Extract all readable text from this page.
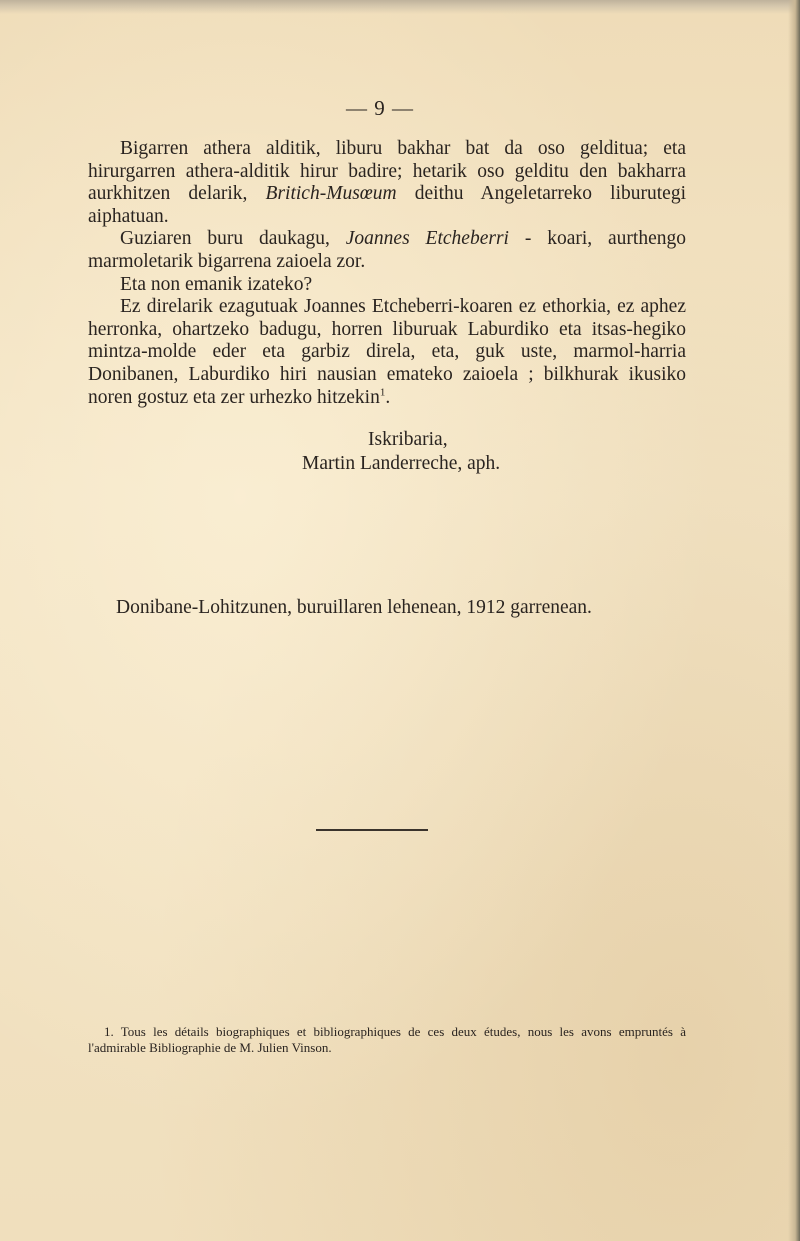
— 9 —

Bigarren athera alditik, liburu bakhar bat da oso gelditua; eta hirurgarren athera-alditik hirur badire; hetarik oso gelditu den bakharra aurkhitzen delarik, Britich-Musœum deithu Angeletarreko liburutegi aiphatuan.

Guziaren buru daukagu, Joannes Etcheberri - koari, aurthengo marmoletarik bigarrena zaioela zor.

Eta non emanik izateko?

Ez direlarik ezagutuak Joannes Etcheberri-koaren ez ethorkia, ez aphez herronka, ohartzeko badugu, horren liburuak Laburdiko eta itsas-hegiko mintza-molde eder eta garbiz direla, eta, guk uste, marmol-harria Donibanen, Laburdiko hiri nausian emateko zaioela ; bilkhurak ikusiko noren gostuz eta zer urhezko hitzekin$^1$.

Iskribaria,
Martin Landerreche, aph.

Donibane-Lohitzunen, buruillaren lehenean, 1912 garrenean.

1. Tous les détails biographiques et bibliographiques de ces deux études, nous les avons empruntés à l'admirable Bibliographie de M. Julien Vinson.
